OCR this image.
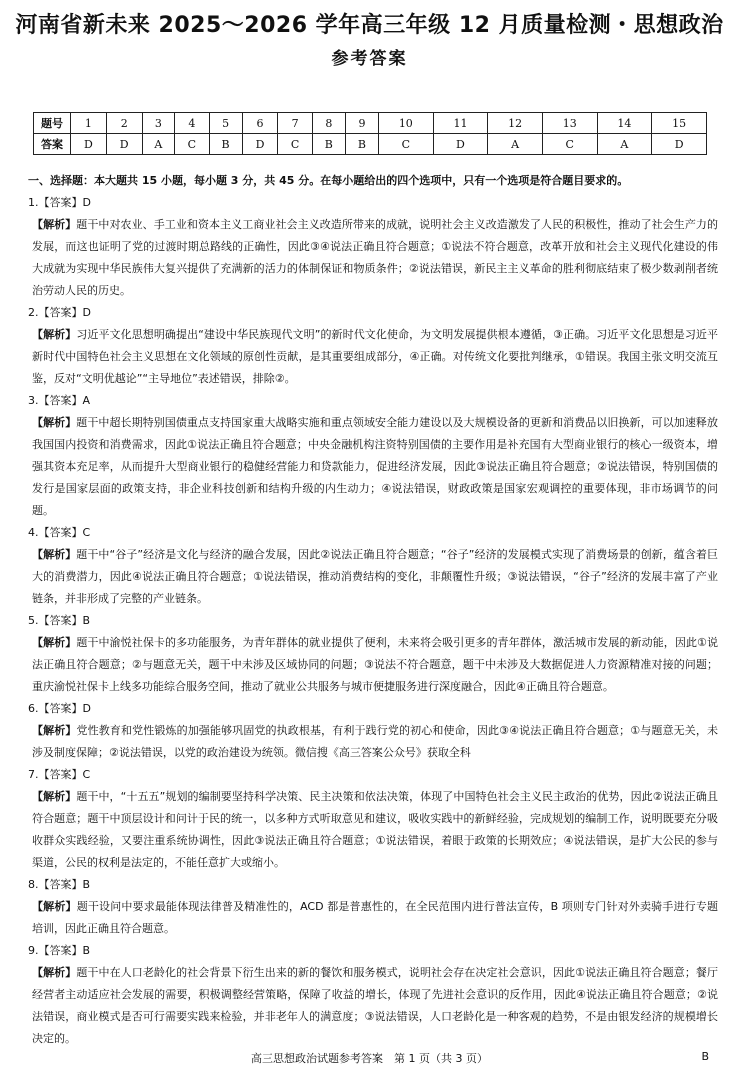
河南省新未来 2025～2026 学年高三年级 12 月质量检测・思想政治
参考答案
题号	1	2	3	4	5	6	7	8	9	10	11	12	13	14	15
答案	D	D	A	C	B	D	C	B	B	C	D	A	C	A	D
一、选择题：本大题共 15 小题，每小题 3 分，共 45 分。在每小题给出的四个选项中，只有一个选项是符合题目要求的。
1.【答案】D
【解析】题干中对农业、手工业和资本主义工商业社会主义改造所带来的成就，说明社会主义改造激发了人民的积极性，推动了社会生产力的发展，而这也证明了党的过渡时期总路线的正确性，因此③④说法正确且符合题意；①说法不符合题意，改革开放和社会主义现代化建设的伟大成就为实现中华民族伟大复兴提供了充满新的活力的体制保证和物质条件；②说法错误，新民主主义革命的胜利彻底结束了极少数剥削者统治劳动人民的历史。
2.【答案】D
【解析】习近平文化思想明确提出“建设中华民族现代文明”的新时代文化使命，为文明发展提供根本遵循，③正确。习近平文化思想是习近平新时代中国特色社会主义思想在文化领域的原创性贡献，是其重要组成部分，④正确。对传统文化要批判继承，①错误。我国主张文明交流互鉴，反对“文明优越论”“主导地位”表述错误，排除②。
3.【答案】A
【解析】题干中超长期特别国债重点支持国家重大战略实施和重点领域安全能力建设以及大规模设备的更新和消费品以旧换新，可以加速释放我国国内投资和消费需求，因此①说法正确且符合题意；中央金融机构注资特别国债的主要作用是补充国有大型商业银行的核心一级资本，增强其资本充足率，从而提升大型商业银行的稳健经营能力和贷款能力，促进经济发展，因此③说法正确且符合题意；②说法错误，特别国债的发行是国家层面的政策支持，非企业科技创新和结构升级的内生动力；④说法错误，财政政策是国家宏观调控的重要体现，非市场调节的问题。
4.【答案】C
【解析】题干中“谷子”经济是文化与经济的融合发展，因此②说法正确且符合题意；“谷子”经济的发展模式实现了消费场景的创新，蕴含着巨大的消费潜力，因此④说法正确且符合题意；①说法错误，推动消费结构的变化，非颠覆性升级；③说法错误，“谷子”经济的发展丰富了产业链条，并非形成了完整的产业链条。
5.【答案】B
【解析】题干中渝悦社保卡的多功能服务，为青年群体的就业提供了便利，未来将会吸引更多的青年群体，激活城市发展的新动能，因此①说法正确且符合题意；②与题意无关，题干中未涉及区域协同的问题；③说法不符合题意，题干中未涉及大数据促进人力资源精准对接的问题；重庆渝悦社保卡上线多功能综合服务空间，推动了就业公共服务与城市便捷服务进行深度融合，因此④正确且符合题意。
6.【答案】D
【解析】党性教育和党性锻炼的加强能够巩固党的执政根基，有利于践行党的初心和使命，因此③④说法正确且符合题意；①与题意无关，未涉及制度保障；②说法错误，以党的政治建设为统领。微信搜《高三答案公众号》获取全科
7.【答案】C
【解析】题干中，“十五五”规划的编制要坚持科学决策、民主决策和依法决策，体现了中国特色社会主义民主政治的优势，因此②说法正确且符合题意；题干中顶层设计和问计于民的统一，以多种方式听取意见和建议，吸收实践中的新鲜经验，完成规划的编制工作，说明既要充分吸收群众实践经验，又要注重系统协调性，因此③说法正确且符合题意；①说法错误，着眼于政策的长期效应；④说法错误，是扩大公民的参与渠道，公民的权利是法定的，不能任意扩大或缩小。
8.【答案】B
【解析】题干设问中要求最能体现法律普及精准性的，ACD 都是普惠性的，在全民范围内进行普法宣传，B 项则专门针对外卖骑手进行专题培训，因此正确且符合题意。
9.【答案】B
【解析】题干中在人口老龄化的社会背景下衍生出来的新的餐饮和服务模式，说明社会存在决定社会意识，因此①说法正确且符合题意；餐厅经营者主动适应社会发展的需要，积极调整经营策略，保障了收益的增长，体现了先进社会意识的反作用，因此④说法正确且符合题意；②说法错误，商业模式是否可行需要实践来检验，并非老年人的满意度；③说法错误，人口老龄化是一种客观的趋势，不是由银发经济的规模增长决定的。
高三思想政治试题参考答案　第 1 页（共 3 页）	B
